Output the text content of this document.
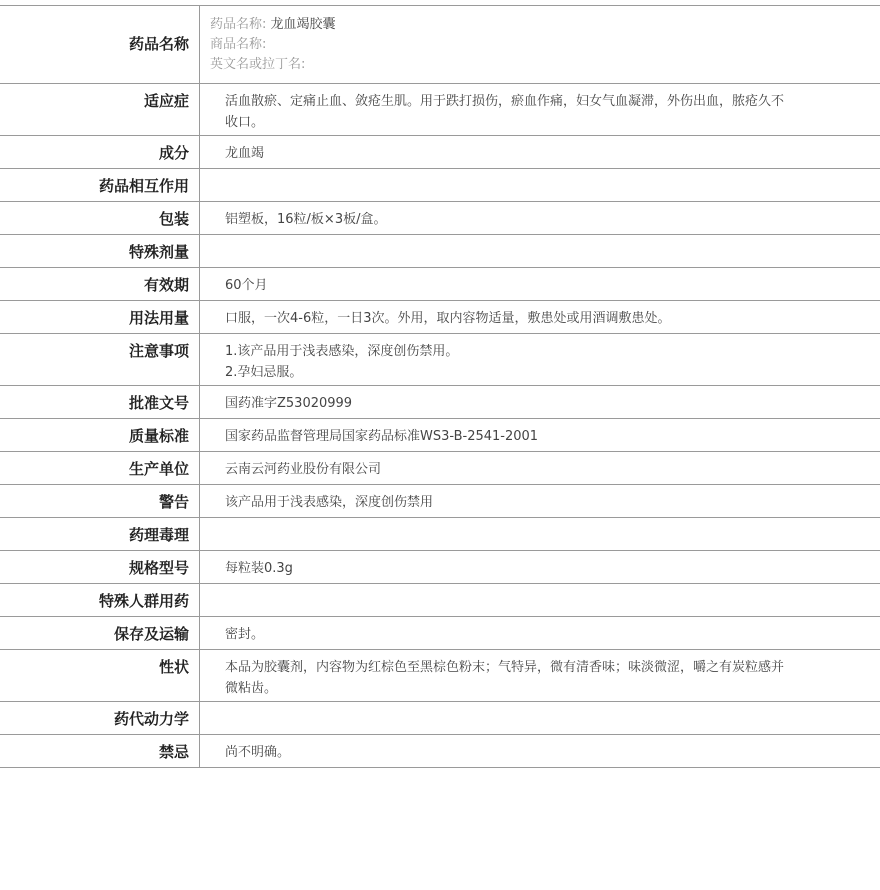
药品名称
药品名称: 龙血竭胶囊
商品名称:
英文名或拉丁名:
适应症	活血散瘀、定痛止血、敛疮生肌。用于跌打损伤，瘀血作痛，妇女气血凝滞，外伤出血，脓疮久不收口。
成分	龙血竭
药品相互作用
包装	铝塑板，16粒/板×3板/盒。
特殊剂量
有效期	60个月
用法用量	口服，一次4-6粒，一日3次。外用，取内容物适量，敷患处或用酒调敷患处。
注意事项	1.该产品用于浅表感染，深度创伤禁用。
2.孕妇忌服。
批准文号	国药准字Z53020999
质量标准	国家药品监督管理局国家药品标准WS3-B-2541-2001
生产单位	云南云河药业股份有限公司
警告	该产品用于浅表感染，深度创伤禁用
药理毒理
规格型号	每粒装0.3g
特殊人群用药
保存及运输	密封。
性状	本品为胶囊剂，内容物为红棕色至黑棕色粉末；气特异，微有清香味；味淡微涩，嚼之有炭粒感并微粘齿。
药代动力学
禁忌	尚不明确。
